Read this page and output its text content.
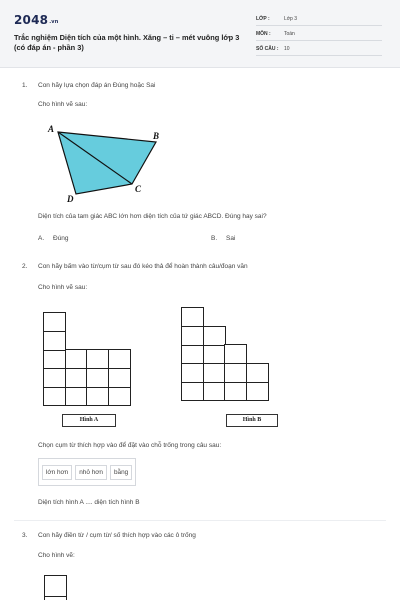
2048.vn
Trắc nghiệm Diện tích của một hình. Xăng – ti – mét vuông lớp 3 (có đáp án - phần 3)
LỚP :	Lớp 3
MÔN :	Toán
SỐ CÂU : 10
1. Con hãy lựa chọn đáp án Đúng hoặc Sai
Cho hình vẽ sau:
A
B
C
D
Diện tích của tam giác ABC lớn hơn diện tích của tứ giác ABCD. Đúng hay sai?
A. Đúng	B. Sai
2. Con hãy bấm vào từ/cụm từ sau đó kéo thả để hoàn thành câu/đoạn văn
Cho hình vẽ sau:
Hình A	Hình B
Chọn cụm từ thích hợp vào để đặt vào chỗ trống trong câu sau:
lớn hơn	nhỏ hơn	bằng
Diện tích hình A .... diện tích hình B
3. Con hãy điền từ / cụm từ/ số thích hợp vào các ô trống
Cho hình vẽ:
